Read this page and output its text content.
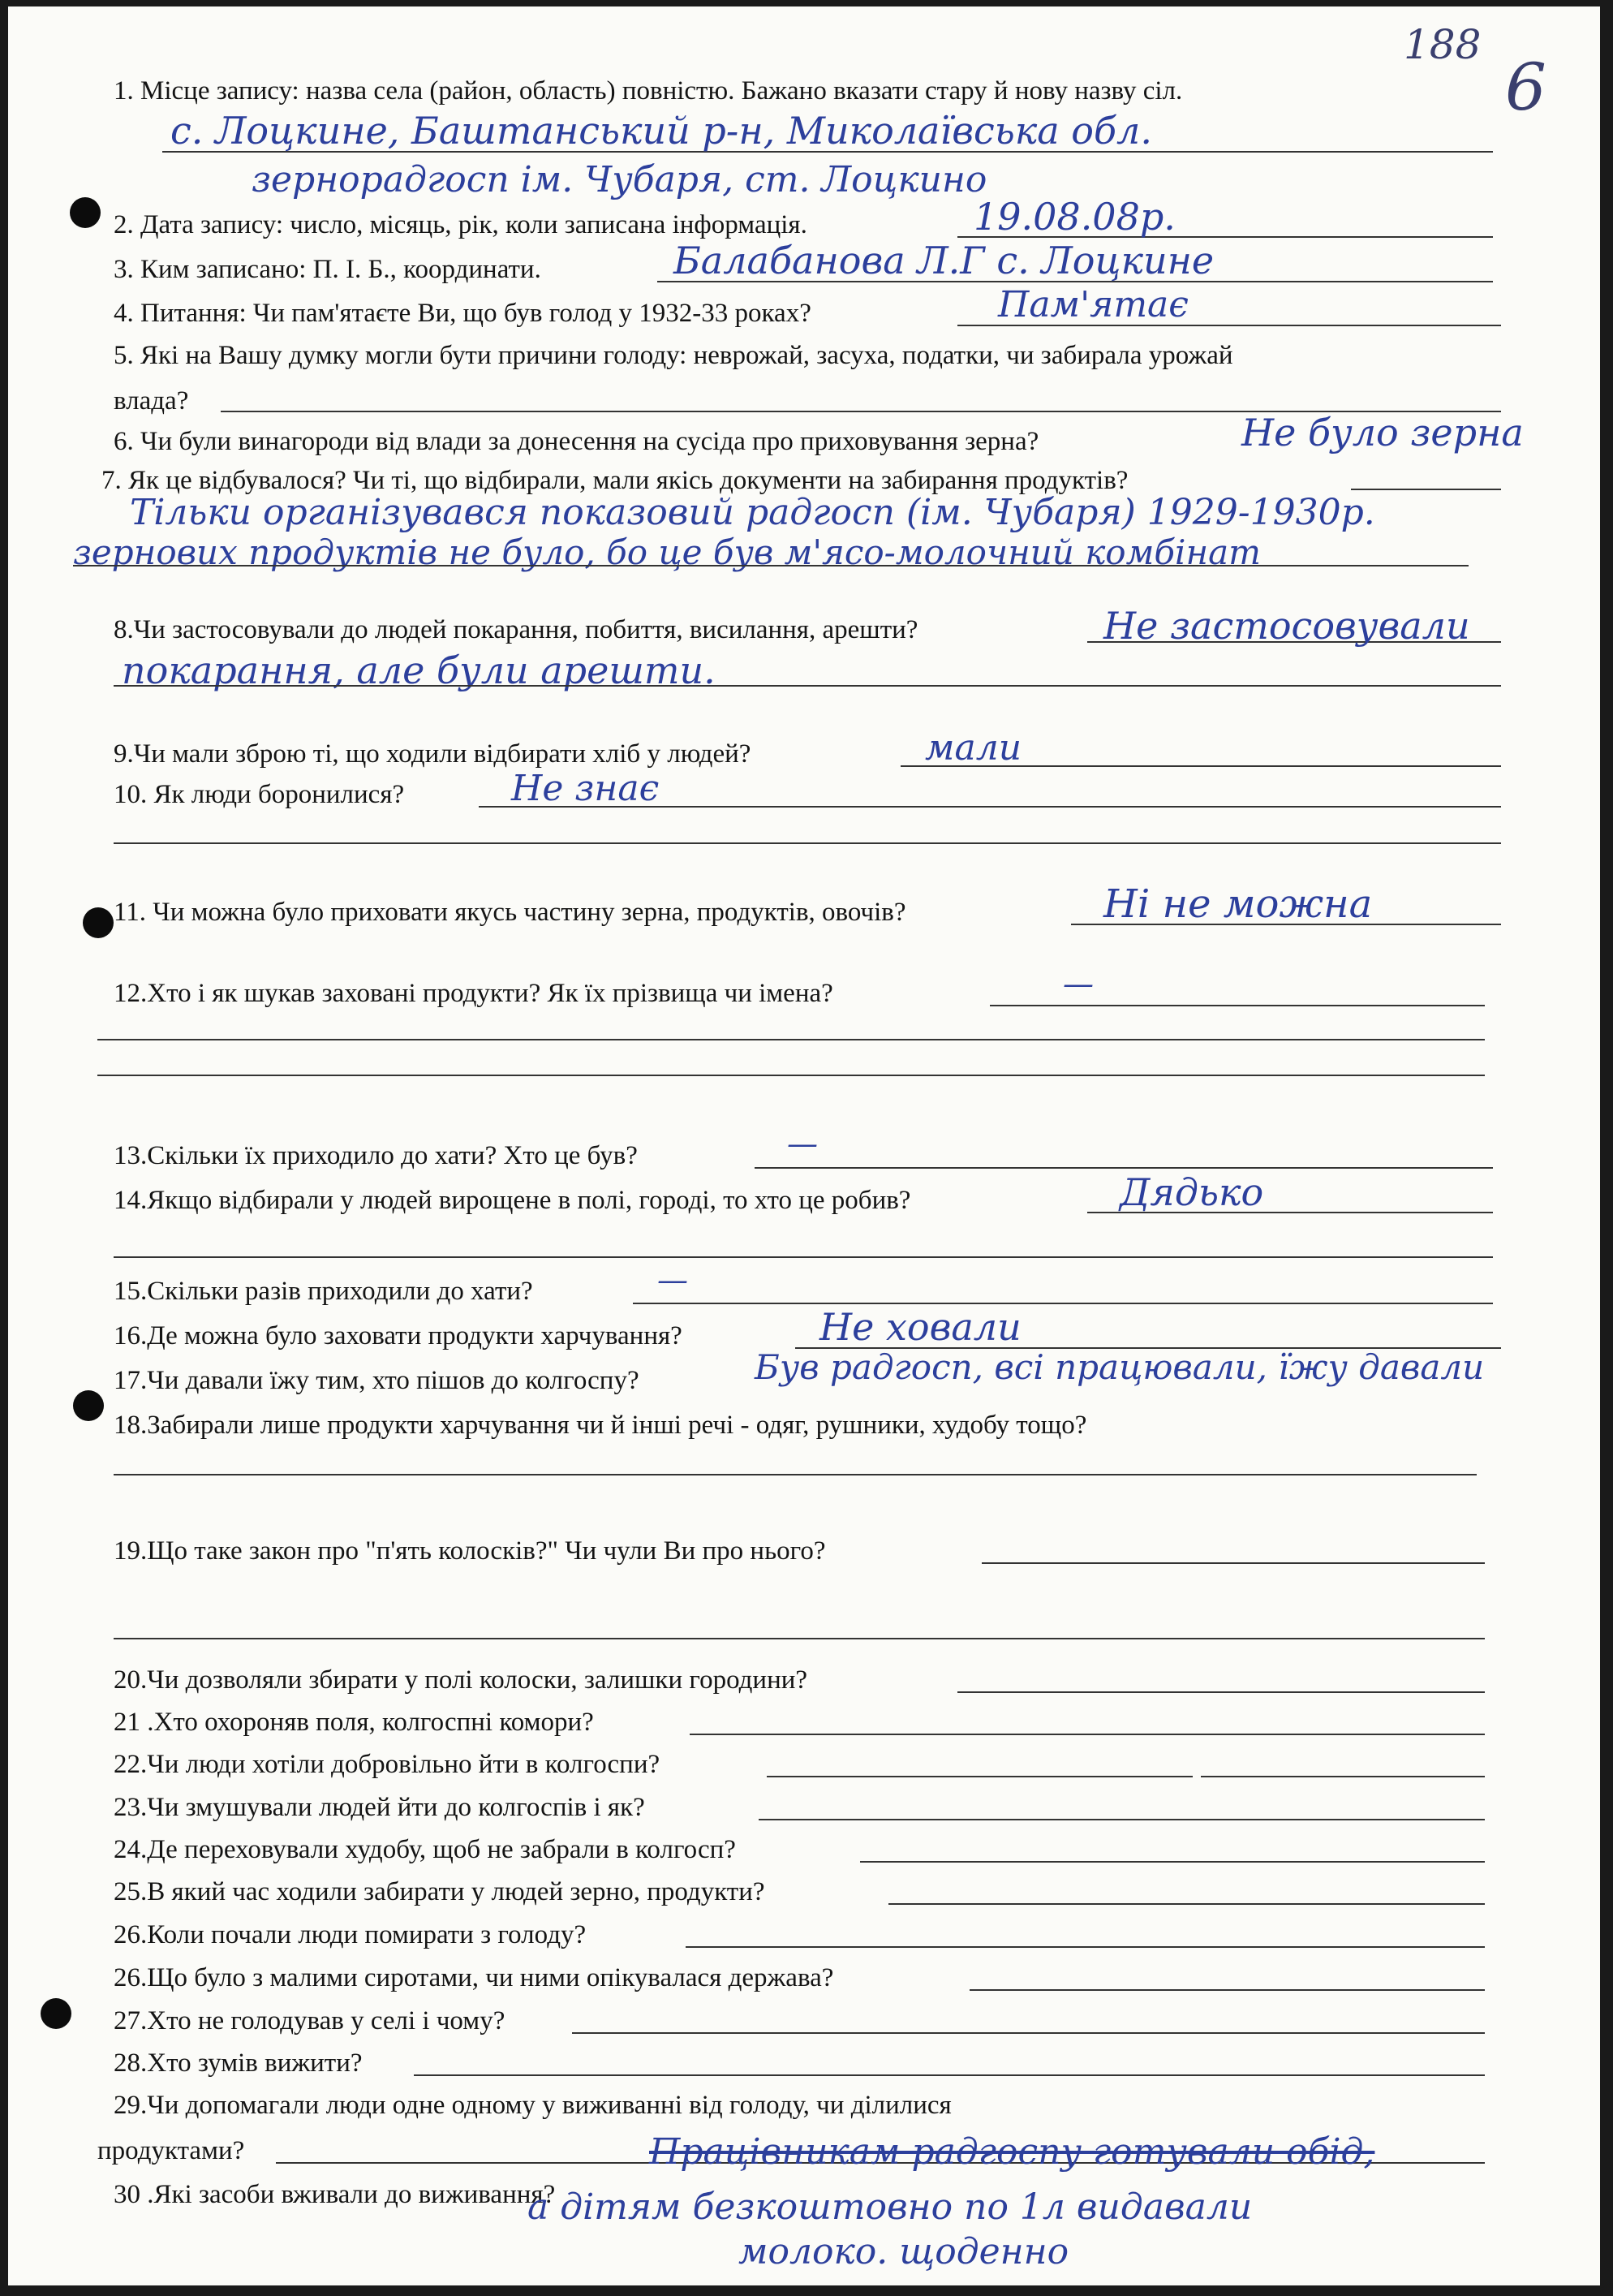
188
6
1. Місце запису: назва села (район, область) повністю. Бажано вказати стару й нову назву сіл.
с. Лоцкине, Баштанський р-н, Миколаївська обл.
зернорадгосп ім. Чубаря, ст. Лоцкино
2. Дата запису: число, місяць, рік, коли записана інформація.	19.08.08р.
3. Ким записано: П. І. Б., координати.	Балабанова Л.Г с. Лоцкине
4. Питання: Чи пам'ятаєте Ви, що був голод у 1932-33 роках?	Пам'ятає
5. Які на Вашу думку могли бути причини голоду: неврожай, засуха, податки, чи забирала урожай
влада?
6. Чи були винагороди від влади за донесення на сусіда про приховування зерна?	Не було зерна
7. Як це відбувалося? Чи ті, що відбирали, мали якісь документи на забирання продуктів?
Тільки організувався показовий радгосп (ім. Чубаря) 1929-1930р.
зернових продуктів не було, бо це був м'ясо-молочний комбінат
8.Чи застосовували до людей покарання, побиття, висилання, арешти?	Не застосовували
покарання, але були арешти.
9.Чи мали зброю ті, що ходили відбирати хліб у людей?	мали
10. Як люди боронилися?	Не знає
11. Чи можна було приховати якусь частину зерна, продуктів, овочів?	Ні не можна
12.Хто і як шукав заховані продукти? Як їх прізвища чи імена?	—
13.Скільки їх приходило до хати? Хто це був?	—
14.Якщо відбирали у людей вирощене в полі, городі, то хто це робив?	Дядько
15.Скільки разів приходили до хати?	—
16.Де можна було заховати продукти харчування?	Не ховали
17.Чи давали їжу тим, хто пішов до колгоспу?	Був радгосп, всі працювали, їжу давали
18.Забирали лише продукти харчування чи й інші речі - одяг, рушники, худобу тощо?
19.Що таке закон про "п'ять колосків?" Чи чули Ви про нього?
20.Чи дозволяли збирати у полі колоски, залишки городини?
21 .Хто охороняв поля, колгоспні комори?
22.Чи люди хотіли добровільно йти в колгоспи?
23.Чи змушували людей йти до колгоспів і як?
24.Де переховували худобу, щоб не забрали в колгосп?
25.В який час ходили забирати у людей зерно, продукти?
26.Коли почали люди помирати з голоду?
26.Що було з малими сиротами, чи ними опікувалася держава?
27.Хто не голодував у селі і чому?
28.Хто зумів вижити?
29.Чи допомагали люди одне одному у виживанні від голоду, чи ділилися
продуктами?
30 .Які засоби вживали до виживання?
Працівникам радгоспу готували обід,
а дітям безкоштовно по 1л видавали
молоко. щоденно
